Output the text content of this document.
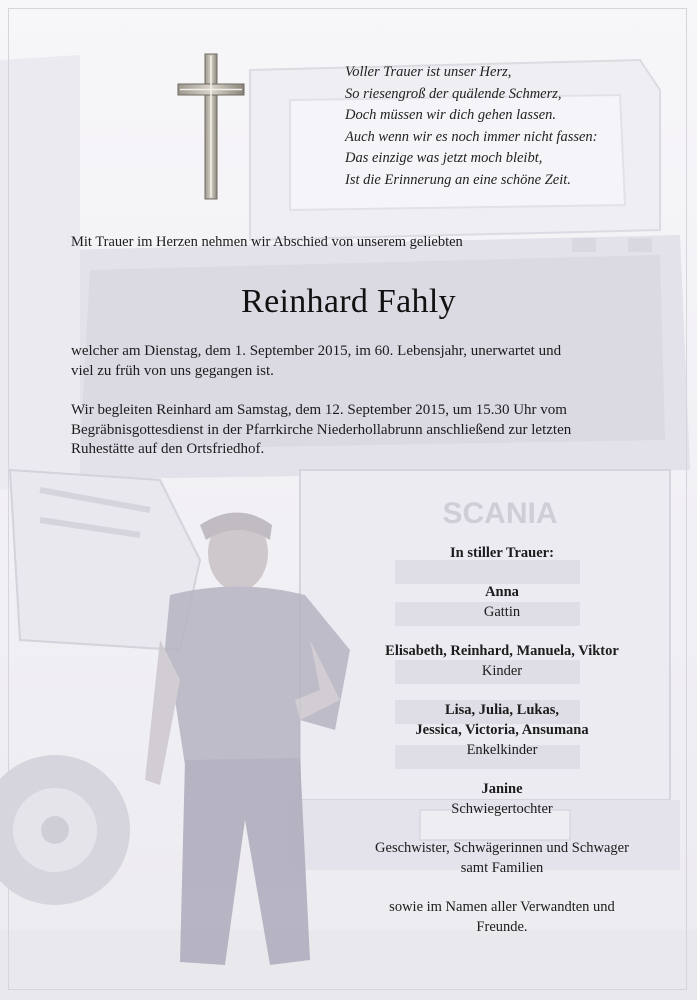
SCANIA
Voller Trauer ist unser Herz,
So riesengroß der quälende Schmerz,
Doch müssen wir dich gehen lassen.
Auch wenn wir es noch immer nicht fassen:
Das einzige was jetzt moch bleibt,
Ist die Erinnerung an eine schöne Zeit.
Mit Trauer im Herzen nehmen wir Abschied von unserem geliebten
Reinhard Fahly
welcher am Dienstag, dem 1. September 2015, im 60. Lebensjahr, unerwartet und
viel zu früh von uns gegangen ist.
Wir begleiten Reinhard am Samstag, dem 12. September 2015, um 15.30 Uhr vom
Begräbnisgottesdienst in der Pfarrkirche Niederhollabrunn anschließend zur letzten
Ruhestätte auf den Ortsfriedhof.
In stiller Trauer:
Anna
Gattin
Elisabeth, Reinhard, Manuela, Viktor
Kinder
Lisa, Julia, Lukas,
Jessica, Victoria, Ansumana
Enkelkinder
Janine
Schwiegertochter
Geschwister, Schwägerinnen und Schwager
samt Familien
sowie im Namen aller Verwandten und
Freunde.
